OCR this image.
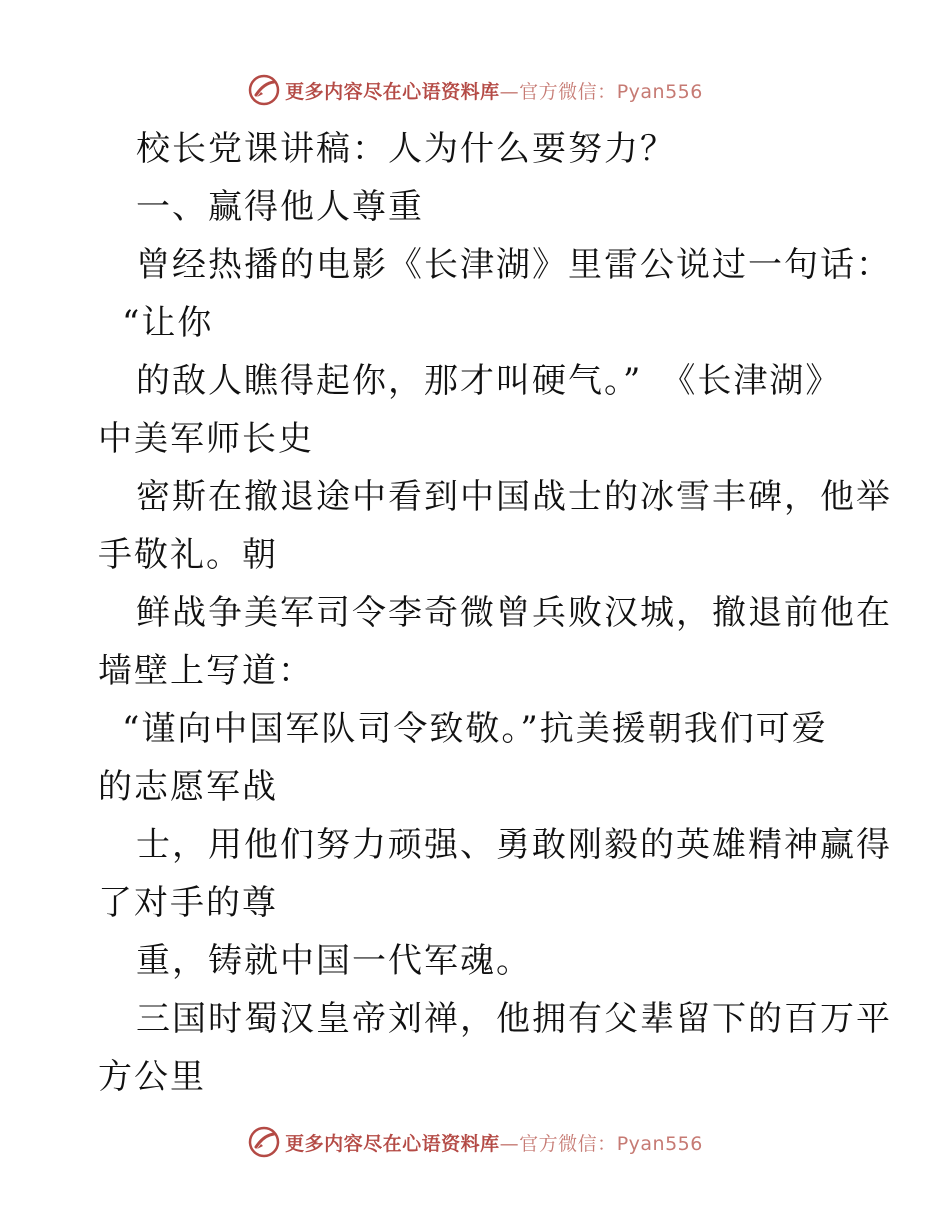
更多内容尽在心语资料库—官方微信：Pyan556
校长党课讲稿：人为什么要努力？
一、赢得他人尊重
曾经热播的电影《长津湖》里雷公说过一句话：
“让你
的敌人瞧得起你，那才叫硬气。”　《长津湖》
中美军师长史
密斯在撤退途中看到中国战士的冰雪丰碑，他举
手敬礼。朝
鲜战争美军司令李奇微曾兵败汉城，撤退前他在
墙壁上写道：
“谨向中国军队司令致敬。”抗美援朝我们可爱
的志愿军战
士，用他们努力顽强、勇敢刚毅的英雄精神赢得
了对手的尊
重，铸就中国一代军魂。
三国时蜀汉皇帝刘禅，他拥有父辈留下的百万平
方公里
更多内容尽在心语资料库—官方微信：Pyan556
